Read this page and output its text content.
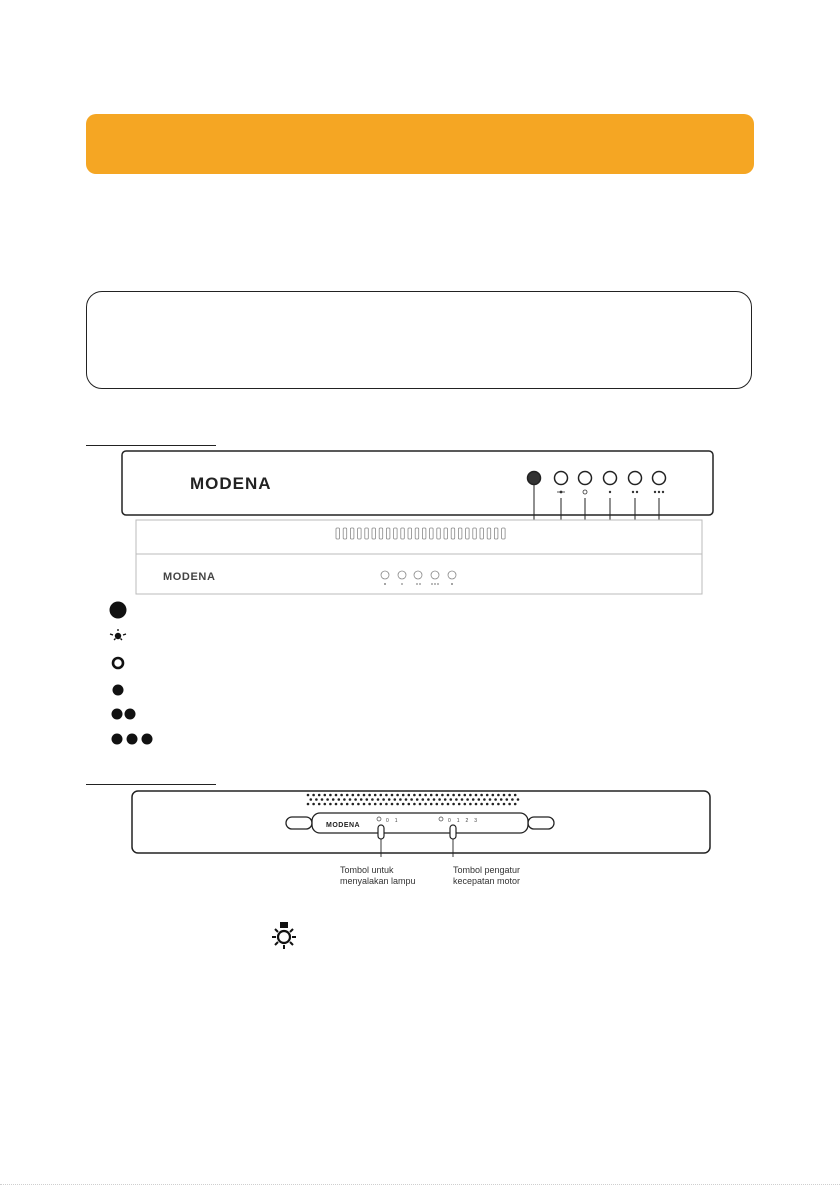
MODENA
MODENA
MODENA
0 1	0 1 2 3
Tombol untuk
menyalakan lampu
Tombol pengatur
kecepatan motor
